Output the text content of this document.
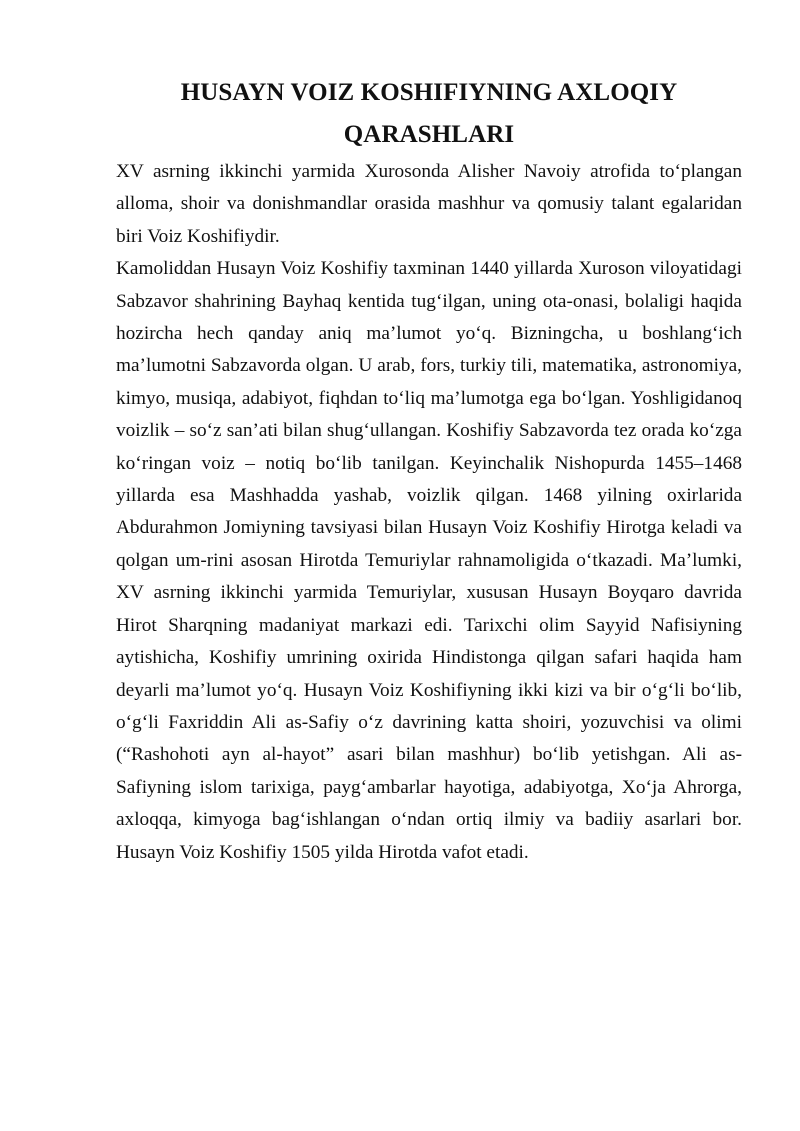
HUSAYN VOIZ KOSHIFIYNING AXLOQIY
QARASHLARI

XV asrning ikkinchi yarmida Xurosonda Alisher Navoiy atrofida to‘plangan alloma, shoir va donishmandlar orasida mashhur va qomusiy talant egalaridan biri Voiz Koshifiydir.

Kamoliddan Husayn Voiz Koshifiy taxminan 1440 yillarda Xuroson viloyatidagi Sabzavor shahrining Bayhaq kentida tug‘ilgan, uning ota-onasi, bolaligi haqida hozircha hech qanday aniq ma’lumot yo‘q. Bizningcha, u boshlang‘ich ma’lumotni Sabzavorda olgan. U arab, fors, turkiy tili, matematika, astronomiya, kimyo, musiqa, adabiyot, fiqhdan to‘liq ma’lumotga ega bo‘lgan. Yoshligidanoq voizlik – so‘z san’ati bilan shug‘ullangan. Koshifiy Sabzavorda tez orada ko‘zga ko‘ringan voiz – notiq bo‘lib tanilgan. Keyinchalik Nishopurda 1455–1468 yillarda esa Mashhadda yashab, voizlik qilgan. 1468 yilning oxirlarida Abdurahmon Jomiyning tavsiyasi bilan Husayn Voiz Koshifiy Hirotga keladi va qolgan um-rini asosan Hirotda Temuriylar rahnamoligida o‘tkazadi. Ma’lumki, XV asrning ikkinchi yarmida Temuriylar, xususan Husayn Boyqaro davrida Hirot Sharqning madaniyat markazi edi. Tarixchi olim Sayyid Nafisiyning aytishicha, Koshifiy umrining oxirida Hindistonga qilgan safari haqida ham deyarli ma’lumot yo‘q. Husayn Voiz Koshifiyning ikki kizi va bir o‘g‘li bo‘lib, o‘g‘li Faxriddin Ali as-Safiy o‘z davrining katta shoiri, yozuvchisi va olimi (“Rashohoti ayn al-hayot” asari bilan mashhur) bo‘lib yetishgan. Ali as-Safiyning islom tarixiga, payg‘ambarlar hayotiga, adabiyotga, Xo‘ja Ahrorga, axloqqa, kimyoga bag‘ishlangan o‘ndan ortiq ilmiy va badiiy asarlari bor. Husayn Voiz Koshifiy 1505 yilda Hirotda vafot etadi.
